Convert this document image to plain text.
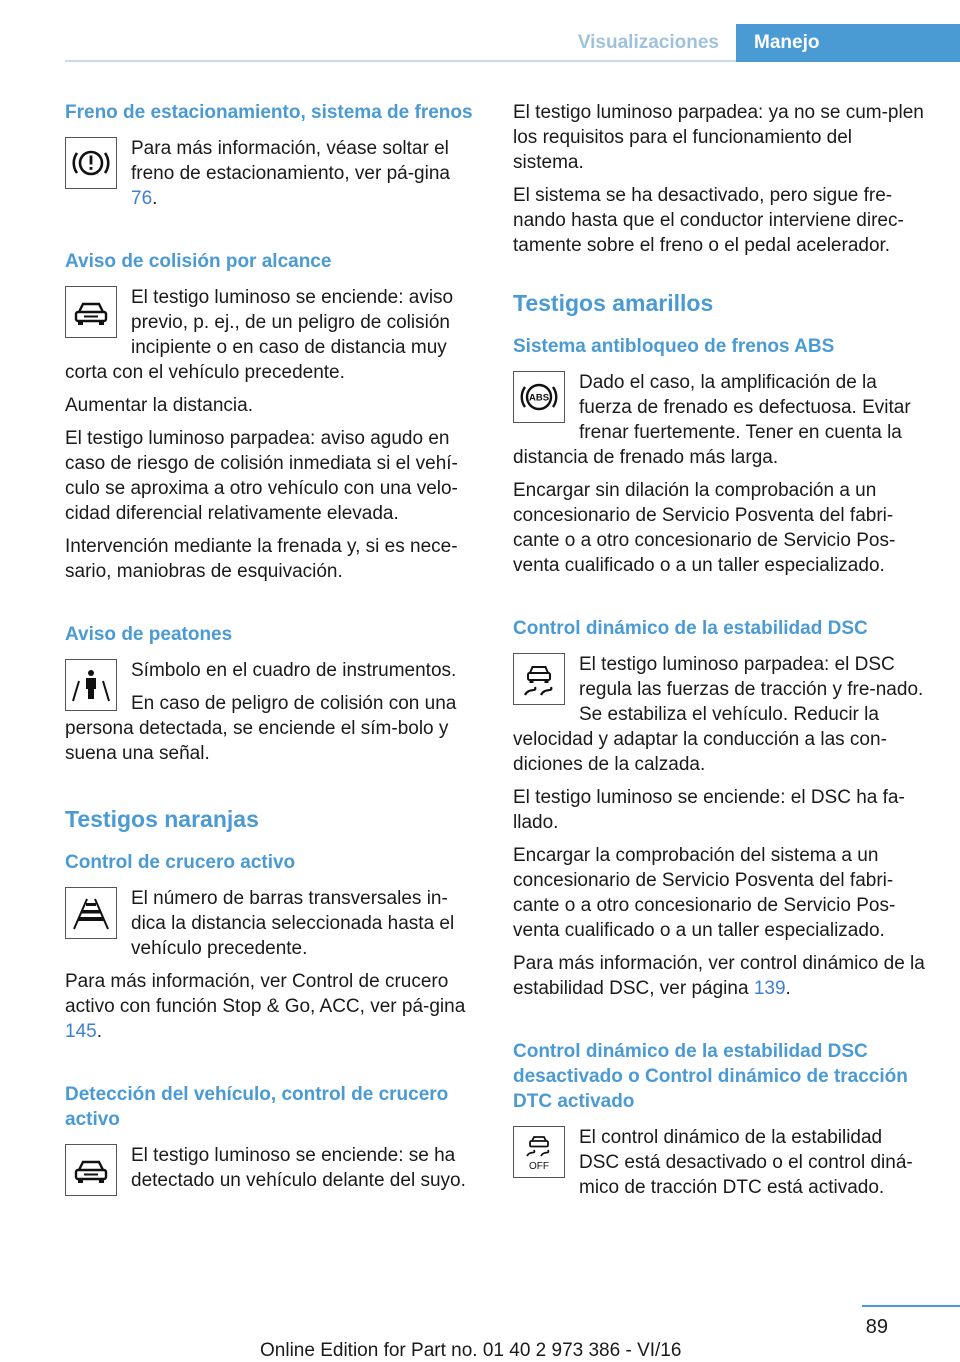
Visualizaciones	Manejo
Freno de estacionamiento, sistema de frenos

Para más información, véase soltar el freno de estacionamiento, ver pá‐gina 76.

Aviso de colisión por alcance

El testigo luminoso se enciende: aviso previo, p. ej., de un peligro de colisión incipiente o en caso de distancia muy corta con el vehículo precedente.

Aumentar la distancia.

El testigo luminoso parpadea: aviso agudo en caso de riesgo de colisión inmediata si el vehí‐culo se aproxima a otro vehículo con una velo‐cidad diferencial relativamente elevada.

Intervención mediante la frenada y, si es nece‐sario, maniobras de esquivación.

Aviso de peatones

Símbolo en el cuadro de instrumentos.

En caso de peligro de colisión con una persona detectada, se enciende el sím‐bolo y suena una señal.

Testigos naranjas
Control de crucero activo

El número de barras transversales in‐dica la distancia seleccionada hasta el vehículo precedente.

Para más información, ver Control de crucero activo con función Stop & Go, ACC, ver pá‐gina 145.

Detección del vehículo, control de crucero activo

El testigo luminoso se enciende: se ha detectado un vehículo delante del suyo.

El testigo luminoso parpadea: ya no se cum‐plen los requisitos para el funcionamiento del sistema.

El sistema se ha desactivado, pero sigue fre‐nando hasta que el conductor interviene direc‐tamente sobre el freno o el pedal acelerador.

Testigos amarillos
Sistema antibloqueo de frenos ABS
ABS

Dado el caso, la amplificación de la fuerza de frenado es defectuosa. Evitar frenar fuertemente. Tener en cuenta la distancia de frenado más larga.

Encargar sin dilación la comprobación a un concesionario de Servicio Posventa del fabri‐cante o a otro concesionario de Servicio Pos‐venta cualificado o a un taller especializado.

Control dinámico de la estabilidad DSC

El testigo luminoso parpadea: el DSC regula las fuerzas de tracción y fre‐nado. Se estabiliza el vehículo. Reducir la velocidad y adaptar la conducción a las con‐diciones de la calzada.

El testigo luminoso se enciende: el DSC ha fa‐llado.

Encargar la comprobación del sistema a un concesionario de Servicio Posventa del fabri‐cante o a otro concesionario de Servicio Pos‐venta cualificado o a un taller especializado.

Para más información, ver control dinámico de la estabilidad DSC, ver página 139.

Control dinámico de la estabilidad DSC desactivado o Control dinámico de tracción DTC activado
OFF

El control dinámico de la estabilidad DSC está desactivado o el control diná‐mico de tracción DTC está activado.

89
Online Edition for Part no. 01 40 2 973 386 - VI/16
